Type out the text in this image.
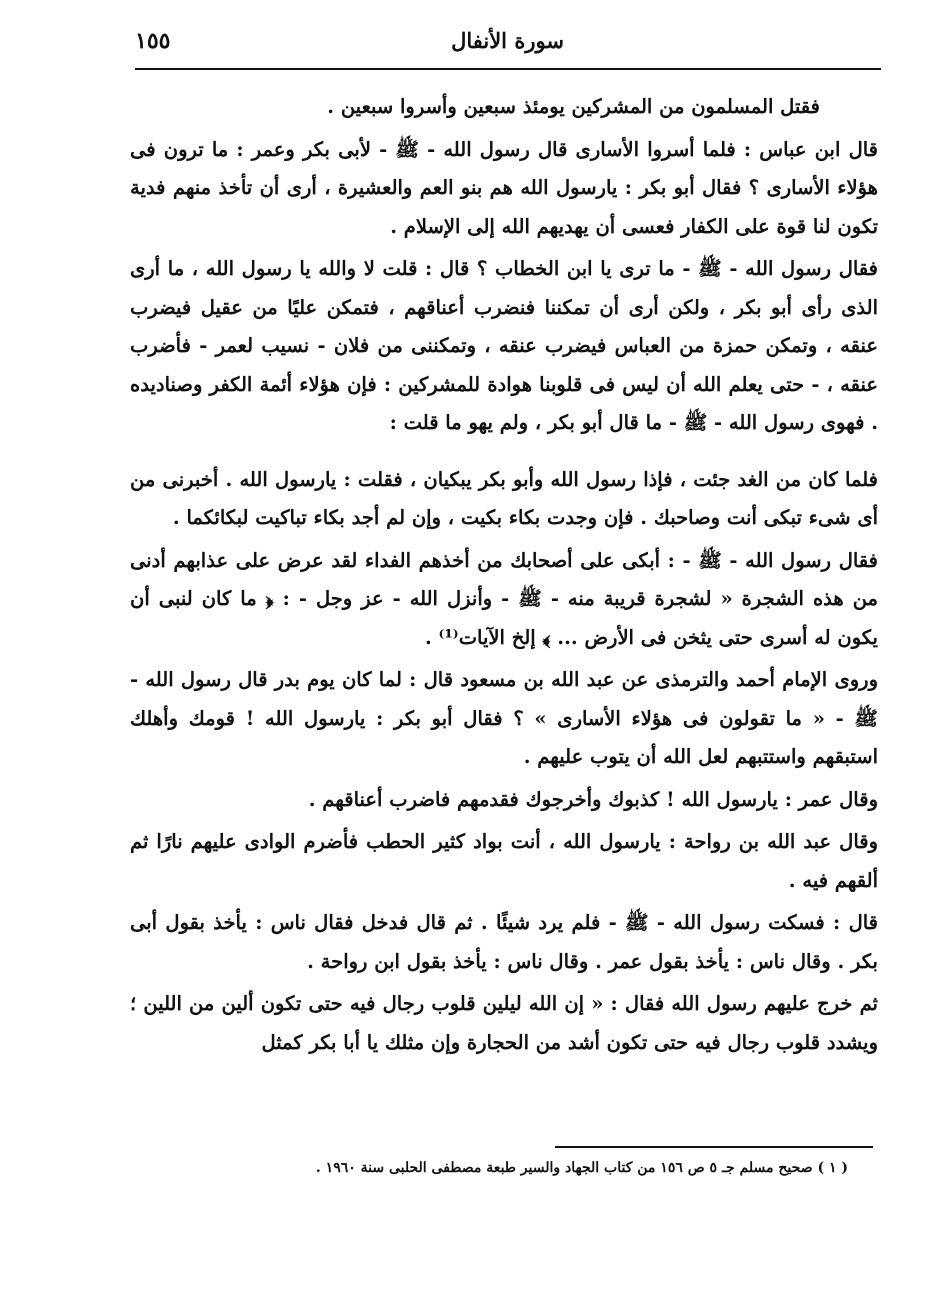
١٥٥	سورة الأنفال

فقتل المسلمون من المشركين يومئذ سبعين وأسروا سبعين .

قال ابن عباس : فلما أسروا الأسارى قال رسول الله - ﷺ - لأبى بكر وعمر : ما ترون فى هؤلاء الأسارى ؟ فقال أبو بكر : يارسول الله هم بنو العم والعشيرة ، أرى أن تأخذ منهم فدية تكون لنا قوة على الكفار فعسى أن يهديهم الله إلى الإسلام .

فقال رسول الله - ﷺ - ما ترى يا ابن الخطاب ؟ قال : قلت لا والله يا رسول الله ، ما أرى الذى رأى أبو بكر ، ولكن أرى أن تمكننا فنضرب أعناقهم ، فتمكن عليًا من عقيل فيضرب عنقه ، وتمكن حمزة من العباس فيضرب عنقه ، وتمكننى من فلان - نسيب لعمر - فأضرب عنقه ، - حتى يعلم الله أن ليس فى قلوبنا هوادة للمشركين : فإن هؤلاء أئمة الكفر وصناديده . فهوى رسول الله - ﷺ - ما قال أبو بكر ، ولم يهو ما قلت :

فلما كان من الغد جئت ، فإذا رسول الله وأبو بكر يبكيان ، فقلت : يارسول الله . أخبرنى من أى شىء تبكى أنت وصاحبك . فإن وجدت بكاء بكيت ، وإن لم أجد بكاء تباكيت لبكائكما .

فقال رسول الله - ﷺ - : أبكى على أصحابك من أخذهم الفداء لقد عرض على عذابهم أدنى من هذه الشجرة « لشجرة قريبة منه - ﷺ - وأنزل الله - عز وجل - : ﴿ ما كان لنبى أن يكون له أسرى حتى يثخن فى الأرض ... ﴾ إلخ الآيات⁽¹⁾ .

وروى الإمام أحمد والترمذى عن عبد الله بن مسعود قال : لما كان يوم بدر قال رسول الله - ﷺ - « ما تقولون فى هؤلاء الأسارى » ؟ فقال أبو بكر : يارسول الله ! قومك وأهلك استبقهم واستتبهم لعل الله أن يتوب عليهم .

وقال عمر : يارسول الله ! كذبوك وأخرجوك فقدمهم فاضرب أعناقهم .

وقال عبد الله بن رواحة : يارسول الله ، أنت بواد كثير الحطب فأضرم الوادى عليهم نارًا ثم ألقهم فيه .

قال : فسكت رسول الله - ﷺ - فلم يرد شيئًا . ثم قال فدخل فقال ناس : يأخذ بقول أبى بكر . وقال ناس : يأخذ بقول عمر . وقال ناس : يأخذ بقول ابن رواحة .

ثم خرج عليهم رسول الله فقال : « إن الله ليلين قلوب رجال فيه حتى تكون ألين من اللين ؛ ويشدد قلوب رجال فيه حتى تكون أشد من الحجارة وإن مثلك يا أبا بكر كمثل

( ١ ) صحيح مسلم جـ ٥ ص ١٥٦ من كتاب الجهاد والسير طبعة مصطفى الحلبى سنة ١٩٦٠ .
